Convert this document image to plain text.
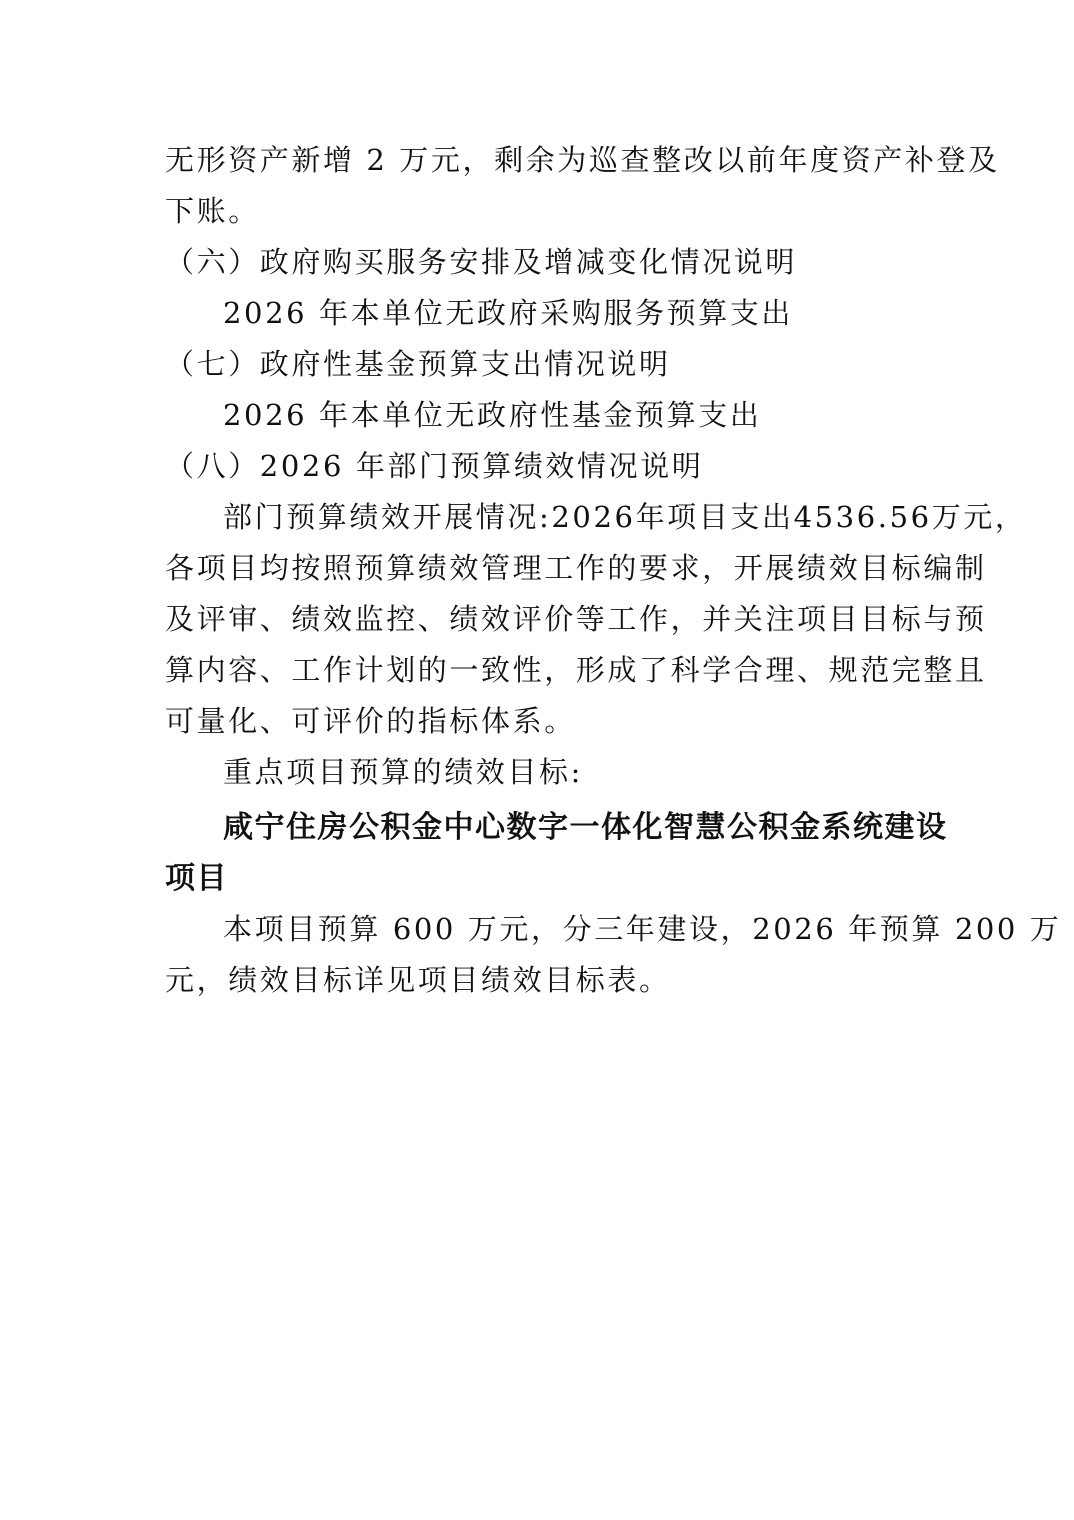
无形资产新增 2 万元，剩余为巡查整改以前年度资产补登及
下账。
（六）政府购买服务安排及增减变化情况说明
2026 年本单位无政府采购服务预算支出
（七）政府性基金预算支出情况说明
2026 年本单位无政府性基金预算支出
（八）2026 年部门预算绩效情况说明
部门预算绩效开展情况:2026年项目支出4536.56万元，
各项目均按照预算绩效管理工作的要求，开展绩效目标编制
及评审、绩效监控、绩效评价等工作，并关注项目目标与预
算内容、工作计划的一致性，形成了科学合理、规范完整且
可量化、可评价的指标体系。
重点项目预算的绩效目标:
咸宁住房公积金中心数字一体化智慧公积金系统建设
项目
本项目预算 600 万元，分三年建设，2026 年预算 200 万
元，绩效目标详见项目绩效目标表。
